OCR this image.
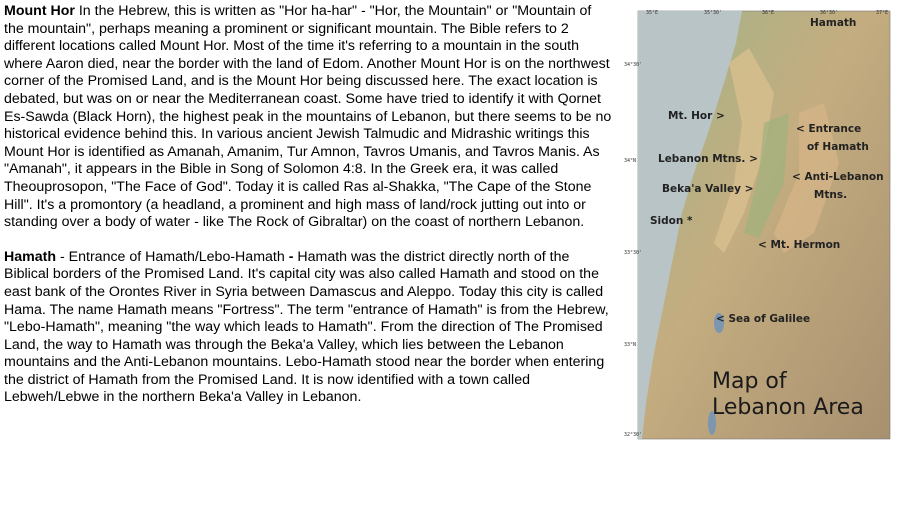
35°E	35°30'	36°E	36°30'	37°E
34°30'
34°N
33°30'
33°N
32°30'
Hamath
Mt. Hor >
< Entrance
of Hamath
Lebanon Mtns. >
< Anti-Lebanon
Mtns.
Beka'a Valley >
Sidon *
< Mt. Hermon
< Sea of Galilee
Map of
Lebanon Area

Mount Hor In the Hebrew, this is written as "Hor ha-har" - "Hor, the Mountain" or "Mountain of the mountain", perhaps meaning a prominent or significant mountain. The Bible refers to 2 different locations called Mount Hor. Most of the time it's referring to a mountain in the south where Aaron died, near the border with the land of Edom. Another Mount Hor is on the northwest corner of the Promised Land, and is the Mount Hor being discussed here. The exact location is debated, but was on or near the Mediterranean coast. Some have tried to identify it with Qornet Es-Sawda (Black Horn), the highest peak in the mountains of Lebanon, but there seems to be no historical evidence behind this. In various ancient Jewish Talmudic and Midrashic writings this Mount Hor is identified as Amanah, Amanim, Tur Amnon, Tavros Umanis, and Tavros Manis. As "Amanah", it appears in the Bible in Song of Solomon 4:8. In the Greek era, it was called Theouprosopon, "The Face of God". Today it is called Ras al-Shakka, "The Cape of the Stone Hill". It's a promontory (a headland, a prominent and high mass of land/rock jutting out into or standing over a body of water - like The Rock of Gibraltar) on the coast of northern Lebanon.

Hamath - Entrance of Hamath/Lebo-Hamath - Hamath was the district directly north of the Biblical borders of the Promised Land. It's capital city was also called Hamath and stood on the east bank of the Orontes River in Syria between Damascus and Aleppo. Today this city is called Hama. The name Hamath means "Fortress". The term "entrance of Hamath" is from the Hebrew, "Lebo-Hamath", meaning "the way which leads to Hamath". From the direction of The Promised Land, the way to Hamath was through the Beka'a Valley, which lies between the Lebanon mountains and the Anti-Lebanon mountains. Lebo-Hamath stood near the border when entering the district of Hamath from the Promised Land. It is now identified with a town called Lebweh/Lebwe in the northern Beka'a Valley in Lebanon.
